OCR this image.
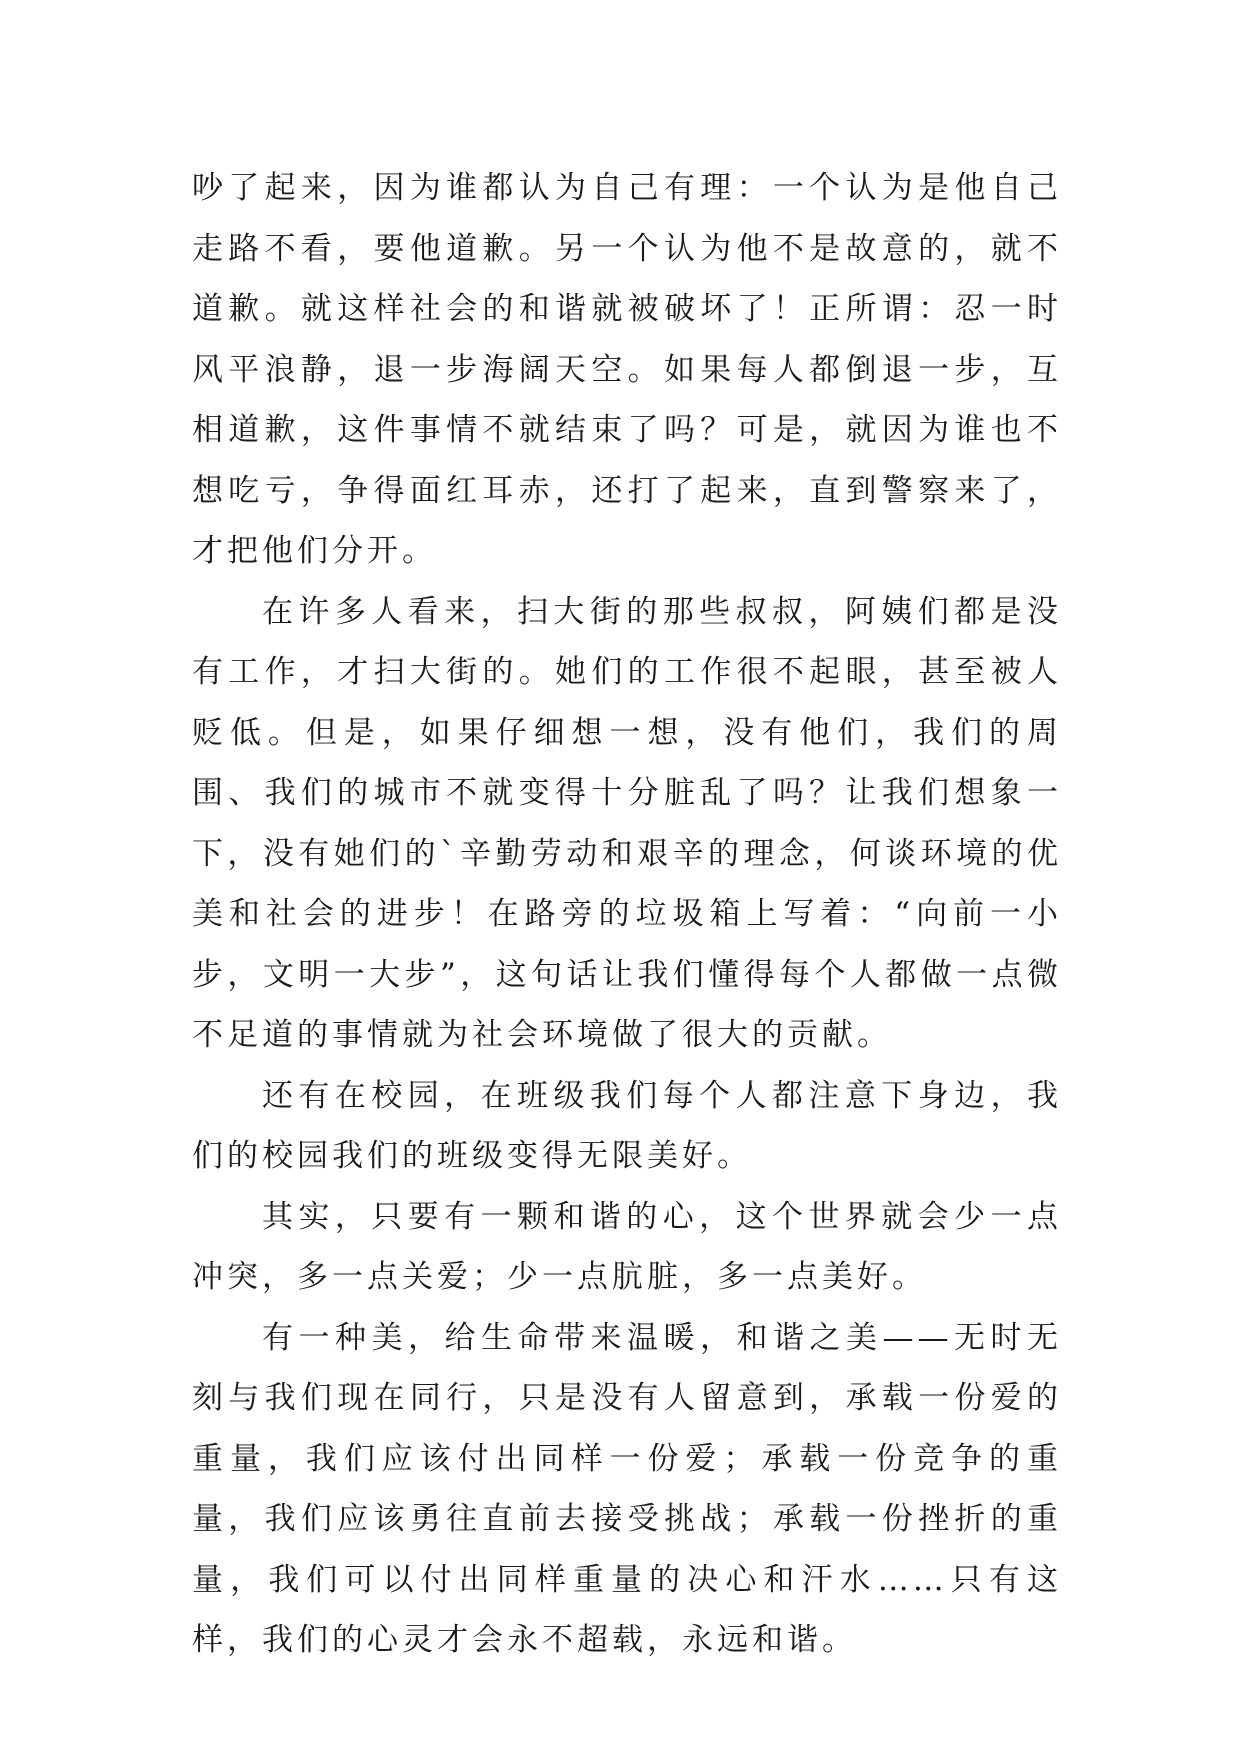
吵了起来，因为谁都认为自己有理：一个认为是他自己走路不看，要他道歉。另一个认为他不是故意的，就不道歉。就这样社会的和谐就被破坏了！正所谓：忍一时风平浪静，退一步海阔天空。如果每人都倒退一步，互相道歉，这件事情不就结束了吗？可是，就因为谁也不想吃亏，争得面红耳赤，还打了起来，直到警察来了，才把他们分开。

在许多人看来，扫大街的那些叔叔，阿姨们都是没有工作，才扫大街的。她们的工作很不起眼，甚至被人贬低。但是，如果仔细想一想，没有他们，我们的周围、我们的城市不就变得十分脏乱了吗？让我们想象一下，没有她们的`辛勤劳动和艰辛的理念，何谈环境的优美和社会的进步！在路旁的垃圾箱上写着：“向前一小步，文明一大步”，这句话让我们懂得每个人都做一点微不足道的事情就为社会环境做了很大的贡献。

还有在校园，在班级我们每个人都注意下身边，我们的校园我们的班级变得无限美好。

其实，只要有一颗和谐的心，这个世界就会少一点冲突，多一点关爱；少一点肮脏，多一点美好。

有一种美，给生命带来温暖，和谐之美——无时无刻与我们现在同行，只是没有人留意到，承载一份爱的重量，我们应该付出同样一份爱；承载一份竞争的重量，我们应该勇往直前去接受挑战；承载一份挫折的重量，我们可以付出同样重量的决心和汗水……只有这样，我们的心灵才会永不超载，永远和谐。
